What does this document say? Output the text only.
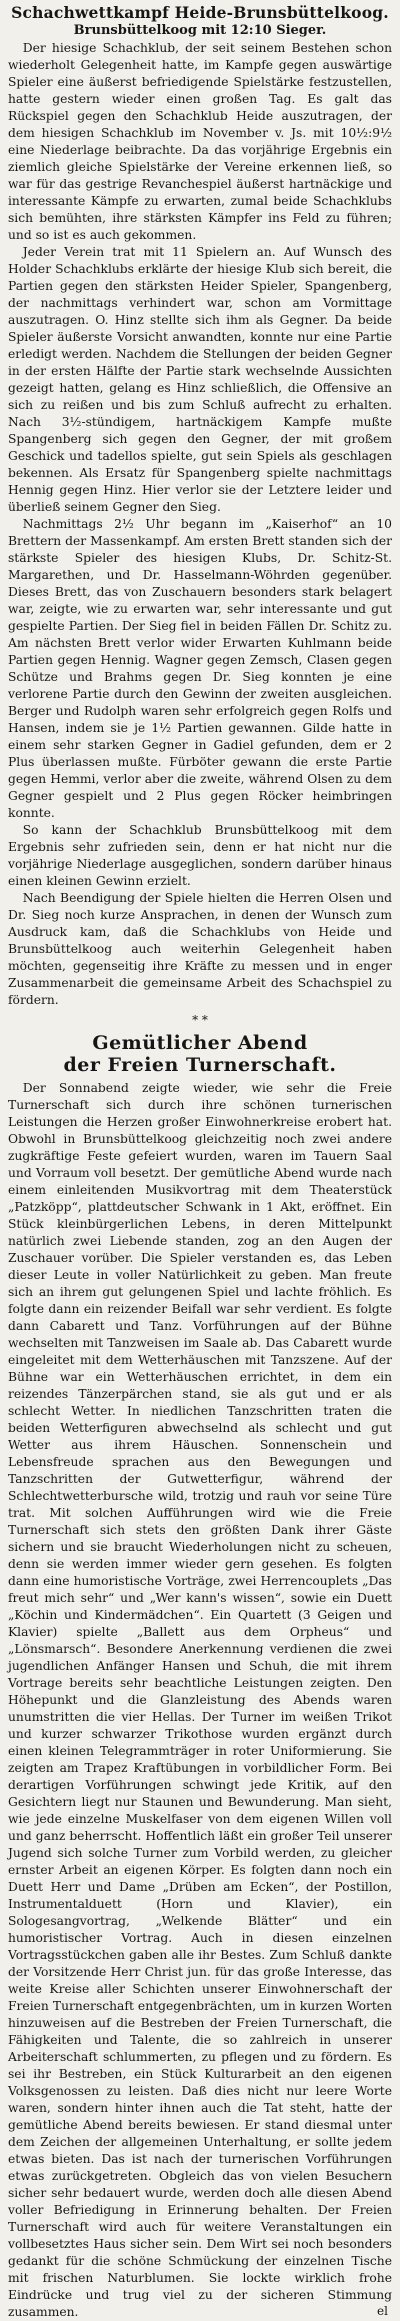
Schachwettkampf Heide-Brunsbüttelkoog.
Brunsbüttelkoog mit 12:10 Sieger.

Der hiesige Schachklub, der seit seinem Bestehen schon wiederholt Gelegenheit hatte, im Kampfe gegen auswärtige Spieler eine äußerst befriedigende Spielstärke festzustellen, hatte gestern wieder einen großen Tag. Es galt das Rückspiel gegen den Schachklub Heide auszutragen, der dem hiesigen Schachklub im November v. Js. mit 10½:9½ eine Niederlage beibrachte. Da das vorjährige Ergebnis ein ziemlich gleiche Spielstärke der Vereine erkennen ließ, so war für das gestrige Revanchespiel äußerst hartnäckige und interessante Kämpfe zu erwarten, zumal beide Schachklubs sich bemühten, ihre stärksten Kämpfer ins Feld zu führen; und so ist es auch gekommen.

Jeder Verein trat mit 11 Spielern an. Auf Wunsch des Holder Schachklubs erklärte der hiesige Klub sich bereit, die Partien gegen den stärksten Heider Spieler, Spangenberg, der nachmittags verhindert war, schon am Vormittage auszutragen. O. Hinz stellte sich ihm als Gegner. Da beide Spieler äußerste Vorsicht anwandten, konnte nur eine Partie erledigt werden. Nachdem die Stellungen der beiden Gegner in der ersten Hälfte der Partie stark wechselnde Aussichten gezeigt hatten, gelang es Hinz schließlich, die Offensive an sich zu reißen und bis zum Schluß aufrecht zu erhalten. Nach 3½-stündigem, hartnäckigem Kampfe mußte Spangenberg sich gegen den Gegner, der mit großem Geschick und tadellos spielte, gut sein Spiels als geschlagen bekennen. Als Ersatz für Spangenberg spielte nachmittags Hennig gegen Hinz. Hier verlor sie der Letztere leider und überließ seinem Gegner den Sieg.

Nachmittags 2½ Uhr begann im „Kaiserhof“ an 10 Brettern der Massenkampf. Am ersten Brett standen sich der stärkste Spieler des hiesigen Klubs, Dr. Schitz-St. Margarethen, und Dr. Hasselmann-Wöhrden gegenüber. Dieses Brett, das von Zuschauern besonders stark belagert war, zeigte, wie zu erwarten war, sehr interessante und gut gespielte Partien. Der Sieg fiel in beiden Fällen Dr. Schitz zu. Am nächsten Brett verlor wider Erwarten Kuhlmann beide Partien gegen Hennig. Wagner gegen Zemsch, Clasen gegen Schütze und Brahms gegen Dr. Sieg konnten je eine verlorene Partie durch den Gewinn der zweiten ausgleichen. Berger und Rudolph waren sehr erfolgreich gegen Rolfs und Hansen, indem sie je 1½ Partien gewannen. Gilde hatte in einem sehr starken Gegner in Gadiel gefunden, dem er 2 Plus überlassen mußte. Fürböter gewann die erste Partie gegen Hemmi, verlor aber die zweite, während Olsen zu dem Gegner gespielt und 2 Plus gegen Röcker heimbringen konnte.

So kann der Schachklub Brunsbüttelkoog mit dem Ergebnis sehr zufrieden sein, denn er hat nicht nur die vorjährige Niederlage ausgeglichen, sondern darüber hinaus einen kleinen Gewinn erzielt.

Nach Beendigung der Spiele hielten die Herren Olsen und Dr. Sieg noch kurze Ansprachen, in denen der Wunsch zum Ausdruck kam, daß die Schachklubs von Heide und Brunsbüttelkoog auch weiterhin Gelegenheit haben möchten, gegenseitig ihre Kräfte zu messen und in enger Zusammenarbeit die gemeinsame Arbeit des Schachspiel zu fördern.

* *
Gemütlicher Abend
der Freien Turnerschaft.

Der Sonnabend zeigte wieder, wie sehr die Freie Turnerschaft sich durch ihre schönen turnerischen Leistungen die Herzen großer Einwohnerkreise erobert hat. Obwohl in Brunsbüttelkoog gleichzeitig noch zwei andere zugkräftige Feste gefeiert wurden, waren im Tauern Saal und Vorraum voll besetzt. Der gemütliche Abend wurde nach einem einleitenden Musikvortrag mit dem Theaterstück „Patzköpp“, plattdeutscher Schwank in 1 Akt, eröffnet. Ein Stück kleinbürgerlichen Lebens, in deren Mittelpunkt natürlich zwei Liebende standen, zog an den Augen der Zuschauer vorüber. Die Spieler verstanden es, das Leben dieser Leute in voller Natürlichkeit zu geben. Man freute sich an ihrem gut gelungenen Spiel und lachte fröhlich. Es folgte dann ein reizender Beifall war sehr verdient. Es folgte dann Cabarett und Tanz. Vorführungen auf der Bühne wechselten mit Tanzweisen im Saale ab. Das Cabarett wurde eingeleitet mit dem Wetterhäuschen mit Tanzszene. Auf der Bühne war ein Wetterhäuschen errichtet, in dem ein reizendes Tänzerpärchen stand, sie als gut und er als schlecht Wetter. In niedlichen Tanzschritten traten die beiden Wetterfiguren abwechselnd als schlecht und gut Wetter aus ihrem Häuschen. Sonnenschein und Lebensfreude sprachen aus den Bewegungen und Tanzschritten der Gutwetterfigur, während der Schlechtwetterbursche wild, trotzig und rauh vor seine Türe trat. Mit solchen Aufführungen wird wie die Freie Turnerschaft sich stets den größten Dank ihrer Gäste sichern und sie braucht Wiederholungen nicht zu scheuen, denn sie werden immer wieder gern gesehen. Es folgten dann eine humoristische Vorträge, zwei Herrencouplets „Das freut mich sehr“ und „Wer kann's wissen“, sowie ein Duett „Köchin und Kindermädchen“. Ein Quartett (3 Geigen und Klavier) spielte „Ballett aus dem Orpheus“ und „Lönsmarsch“. Besondere Anerkennung verdienen die zwei jugendlichen Anfänger Hansen und Schuh, die mit ihrem Vortrage bereits sehr beachtliche Leistungen zeigten. Den Höhepunkt und die Glanzleistung des Abends waren unumstritten die vier Hellas. Der Turner im weißen Trikot und kurzer schwarzer Trikothose wurden ergänzt durch einen kleinen Telegrammträger in roter Uniformierung. Sie zeigten am Trapez Kraftübungen in vorbildlicher Form. Bei derartigen Vorführungen schwingt jede Kritik, auf den Gesichtern liegt nur Staunen und Bewunderung. Man sieht, wie jede einzelne Muskelfaser von dem eigenen Willen voll und ganz beherrscht. Hoffentlich läßt ein großer Teil unserer Jugend sich solche Turner zum Vorbild werden, zu gleicher ernster Arbeit an eigenen Körper. Es folgten dann noch ein Duett Herr und Dame „Drüben am Ecken“, der Postillon, Instrumentalduett (Horn und Klavier), ein Sologesangvortrag, „Welkende Blätter“ und ein humoristischer Vortrag. Auch in diesen einzelnen Vortragsstückchen gaben alle ihr Bestes. Zum Schluß dankte der Vorsitzende Herr Christ jun. für das große Interesse, das weite Kreise aller Schichten unserer Einwohnerschaft der Freien Turnerschaft entgegenbrächten, um in kurzen Worten hinzuweisen auf die Bestreben der Freien Turnerschaft, die Fähigkeiten und Talente, die so zahlreich in unserer Arbeiterschaft schlummerten, zu pflegen und zu fördern. Es sei ihr Bestreben, ein Stück Kulturarbeit an den eigenen Volksgenossen zu leisten. Daß dies nicht nur leere Worte waren, sondern hinter ihnen auch die Tat steht, hatte der gemütliche Abend bereits bewiesen. Er stand diesmal unter dem Zeichen der allgemeinen Unterhaltung, er sollte jedem etwas bieten. Das ist nach der turnerischen Vorführungen etwas zurückgetreten. Obgleich das von vielen Besuchern sicher sehr bedauert wurde, werden doch alle diesen Abend voller Befriedigung in Erinnerung behalten. Der Freien Turnerschaft wird auch für weitere Veranstaltungen ein vollbesetztes Haus sicher sein. Dem Wirt sei noch besonders gedankt für die schöne Schmückung der einzelnen Tische mit frischen Naturblumen. Sie lockte wirklich frohe Eindrücke und trug viel zu der sicheren Stimmung zusammen.	el
